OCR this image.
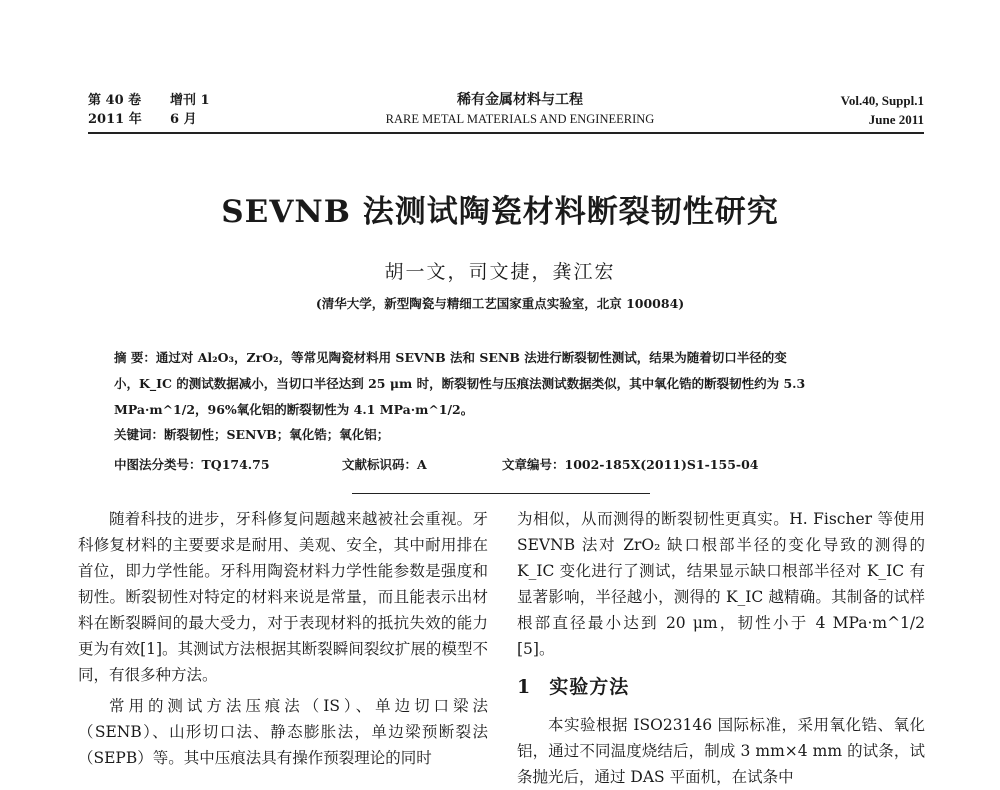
第 40 卷 增刊 1
2011 年 6 月
稀有金属材料与工程
RARE METAL MATERIALS AND ENGINEERING
Vol.40, Suppl.1
June 2011
SEVNB 法测试陶瓷材料断裂韧性研究
胡一文，司文捷，龚江宏
(清华大学，新型陶瓷与精细工艺国家重点实验室，北京 100084)
摘 要：通过对 Al₂O₃，ZrO₂，等常见陶瓷材料用 SEVNB 法和 SENB 法进行断裂韧性测试，结果为随着切口半径的变
小，K_IC 的测试数据减小，当切口半径达到 25 μm 时，断裂韧性与压痕法测试数据类似，其中氧化锆的断裂韧性约为 5.3
MPa·m^1/2，96%氧化铝的断裂韧性为 4.1 MPa·m^1/2。
关键词：断裂韧性；SENVB；氧化锆；氧化铝；
中图法分类号：TQ174.75	文献标识码：A	文章编号：1002-185X(2011)S1-155-04

随着科技的进步，牙科修复问题越来越被社会重视。牙科修复材料的主要要求是耐用、美观、安全，其中耐用排在首位，即力学性能。牙科用陶瓷材料力学性能参数是强度和韧性。断裂韧性对特定的材料来说是常量，而且能表示出材料在断裂瞬间的最大受力，对于表现材料的抵抗失效的能力更为有效[1]。其测试方法根据其断裂瞬间裂纹扩展的模型不同，有很多种方法。

常用的测试方法压痕法（IS）、单边切口梁法（SENB）、山形切口法、静态膨胀法，单边梁预断裂法（SEPB）等。其中压痕法具有操作预裂理论的同时

为相似，从而测得的断裂韧性更真实。H. Fischer 等使用 SEVNB 法对 ZrO₂ 缺口根部半径的变化导致的测得的 K_IC 变化进行了测试，结果显示缺口根部半径对 K_IC 有显著影响，半径越小，测得的 K_IC 越精确。其制备的试样根部直径最小达到 20 μm，韧性小于 4 MPa·m^1/2 [5]。

1 实验方法

本实验根据 ISO23146 国际标准，采用氧化锆、氧化铝，通过不同温度烧结后，制成 3 mm×4 mm 的试条，试条抛光后，通过 DAS 平面机，在试条中
